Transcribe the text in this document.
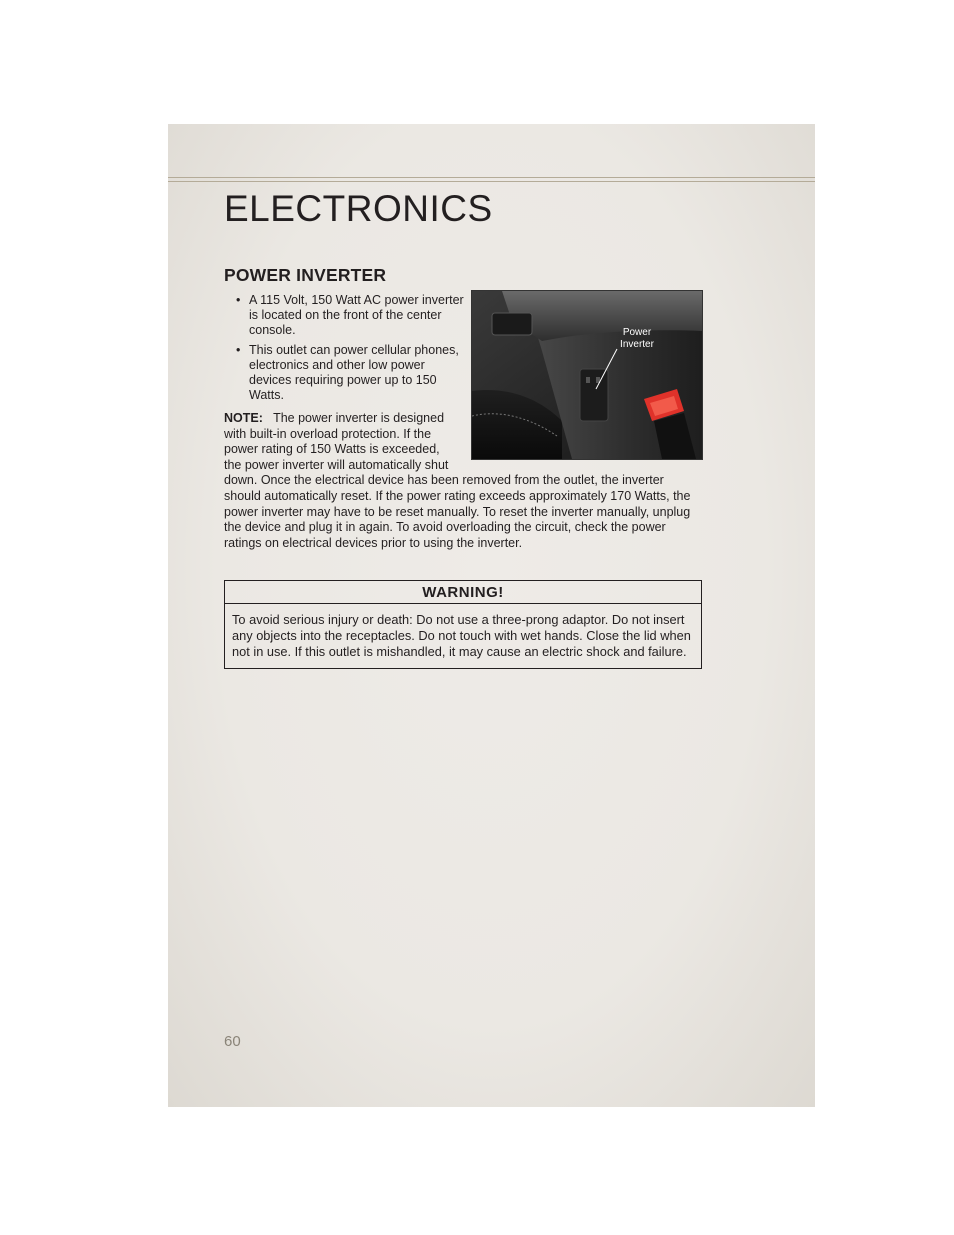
ELECTRONICS
POWER INVERTER
• A 115 Volt, 150 Watt AC power inverter is located on the front of the center console.
• This outlet can power cellular phones, electronics and other low power devices requiring power up to 150 Watts.
Power
Inverter

NOTE: The power inverter is designed with built-in overload protection. If the power rating of 150 Watts is exceeded, the power inverter will automatically shut down. Once the electrical device has been removed from the outlet, the inverter should automatically reset. If the power rating exceeds approximately 170 Watts, the power inverter may have to be reset manually. To reset the inverter manually, unplug the device and plug it in again. To avoid overloading the circuit, check the power ratings on electrical devices prior to using the inverter.

WARNING!
To avoid serious injury or death: Do not use a three-prong adaptor. Do not insert any objects into the receptacles. Do not touch with wet hands. Close the lid when not in use. If this outlet is mishandled, it may cause an electric shock and failure.
60
